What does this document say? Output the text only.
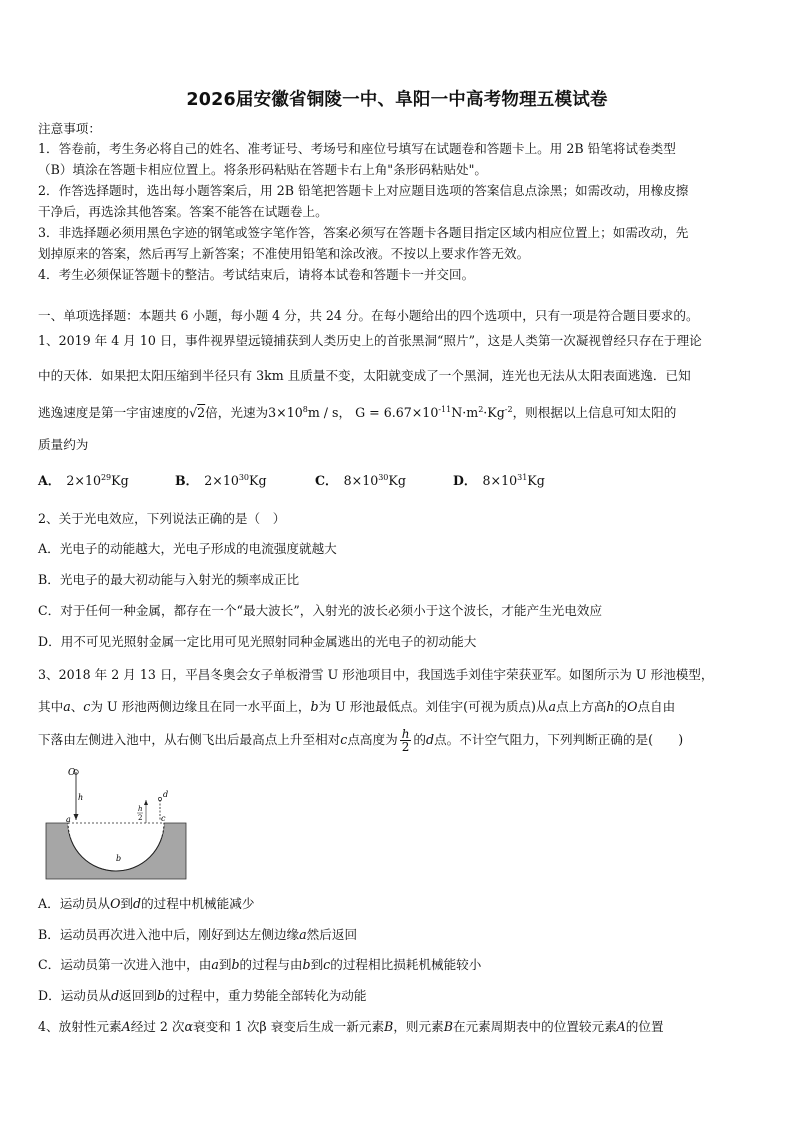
2026届安徽省铜陵一中、阜阳一中高考物理五模试卷
注意事项：
1．答卷前，考生务必将自己的姓名、准考证号、考场号和座位号填写在试题卷和答题卡上。用 2B 铅笔将试卷类型
（B）填涂在答题卡相应位置上。将条形码粘贴在答题卡右上角"条形码粘贴处"。
2．作答选择题时，选出每小题答案后，用 2B 铅笔把答题卡上对应题目选项的答案信息点涂黑；如需改动，用橡皮擦
干净后，再选涂其他答案。答案不能答在试题卷上。
3．非选择题必须用黑色字迹的钢笔或签字笔作答，答案必须写在答题卡各题目指定区域内相应位置上；如需改动，先
划掉原来的答案，然后再写上新答案；不准使用铅笔和涂改液。不按以上要求作答无效。
4．考生必须保证答题卡的整洁。考试结束后，请将本试卷和答题卡一并交回。
一、单项选择题：本题共 6 小题，每小题 4 分，共 24 分。在每小题给出的四个选项中，只有一项是符合题目要求的。
1、2019 年 4 月 10 日，事件视界望远镜捕获到人类历史上的首张黑洞“照片”，这是人类第一次凝视曾经只存在于理论
中的天体．如果把太阳压缩到半径只有 3km 且质量不变，太阳就变成了一个黑洞，连光也无法从太阳表面逃逸．已知
逃逸速度是第一宇宙速度的√2倍，光速为$3\times 10^8m / s$， $G = 6.67\times 10^{-11}N\cdot m^2\cdot Kg^{-2}$，则根据以上信息可知太阳的
质量约为
A． $2\times 10^{29}Kg$	B． $2\times 10^{30}Kg$	C． $8\times 10^{30}Kg$	D． $8\times 10^{31}Kg$
2、关于光电效应，下列说法正确的是（　）
A．光电子的动能越大，光电子形成的电流强度就越大
B．光电子的最大初动能与入射光的频率成正比
C．对于任何一种金属，都存在一个“最大波长”，入射光的波长必须小于这个波长，才能产生光电效应
D．用不可见光照射金属一定比用可见光照射同种金属逃出的光电子的初动能大
3、2018 年 2 月 13 日，平昌冬奥会女子单板滑雪 U 形池项目中，我国选手刘佳宇荣获亚军。如图所示为 U 形池模型，
其中a、c为 U 形池两侧边缘且在同一水平面上，b为 U 形池最低点。刘佳宇(可视为质点)从a点上方高h的O点自由
下落由左侧进入池中，从右侧飞出后最高点上升至相对c点高度为 $\frac{h}{2}$ 的d点。不计空气阻力，下列判断正确的是(　　)
O
h
a
b
c
d
h
2
A．运动员从O到d的过程中机械能减少
B．运动员再次进入池中后，刚好到达左侧边缘a然后返回
C．运动员第一次进入池中，由a到b的过程与由b到c的过程相比损耗机械能较小
D．运动员从d返回到b的过程中，重力势能全部转化为动能
4、放射性元素A经过 2 次α衰变和 1 次β 衰变后生成一新元素B，则元素B在元素周期表中的位置较元素A的位置
